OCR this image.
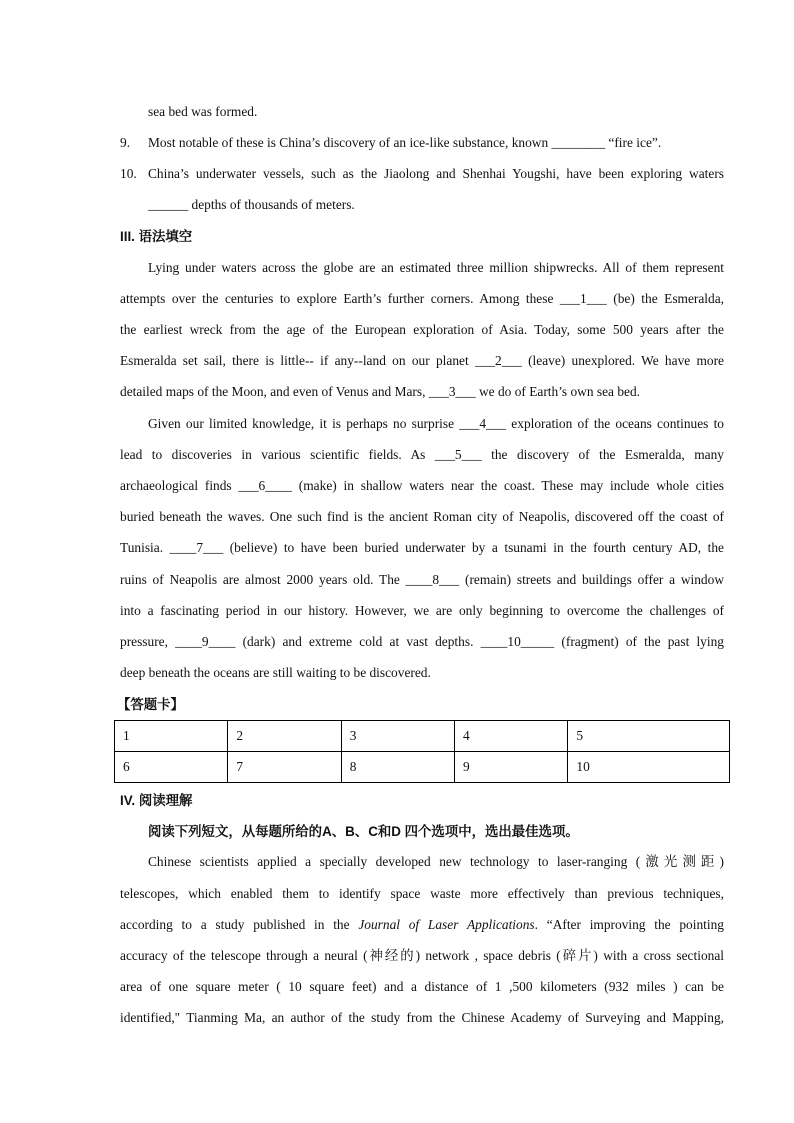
sea bed was formed.
9. Most notable of these is China’s discovery of an ice-like substance, known ________ “fire ice”.
10. China’s underwater vessels, such as the Jiaolong and Shenhai Yougshi, have been exploring waters
______ depths of thousands of meters.
III. 语法填空
Lying under waters across the globe are an estimated three million shipwrecks. All of them represent
attempts over the centuries to explore Earth’s further corners. Among these ___1___ (be) the Esmeralda,
the earliest wreck from the age of the European exploration of Asia. Today, some 500 years after the
Esmeralda set sail, there is little-- if any--land on our planet ___2___ (leave) unexplored. We have more
detailed maps of the Moon, and even of Venus and Mars, ___3___ we do of Earth’s own sea bed.
Given our limited knowledge, it is perhaps no surprise ___4___ exploration of the oceans continues to
lead to discoveries in various scientific fields. As ___5___ the discovery of the Esmeralda, many
archaeological finds ___6____ (make) in shallow waters near the coast. These may include whole cities
buried beneath the waves. One such find is the ancient Roman city of Neapolis, discovered off the coast of
Tunisia. ____7___ (believe) to have been buried underwater by a tsunami in the fourth century AD, the
ruins of Neapolis are almost 2000 years old. The ____8___ (remain) streets and buildings offer a window
into a fascinating period in our history. However, we are only beginning to overcome the challenges of
pressure, ____9____ (dark) and extreme cold at vast depths. ____10_____ (fragment) of the past lying
deep beneath the oceans are still waiting to be discovered.
【答题卡】
1	2	3	4	5
6	7	8	9	10
IV. 阅读理解
阅读下列短文，从每题所给的A、B、C和D 四个选项中，选出最佳选项。
Chinese scientists applied a specially developed new technology to laser-ranging (激光测距)
telescopes, which enabled them to identify space waste more effectively than previous techniques,
according to a study published in the Journal of Laser Applications. “After improving the pointing
accuracy of the telescope through a neural (神经的) network , space debris (碎片) with a cross sectional
area of one square meter ( 10 square feet) and a distance of 1 ,500 kilometers (932 miles ) can be
identified," Tianming Ma, an author of the study from the Chinese Academy of Surveying and Mapping,
